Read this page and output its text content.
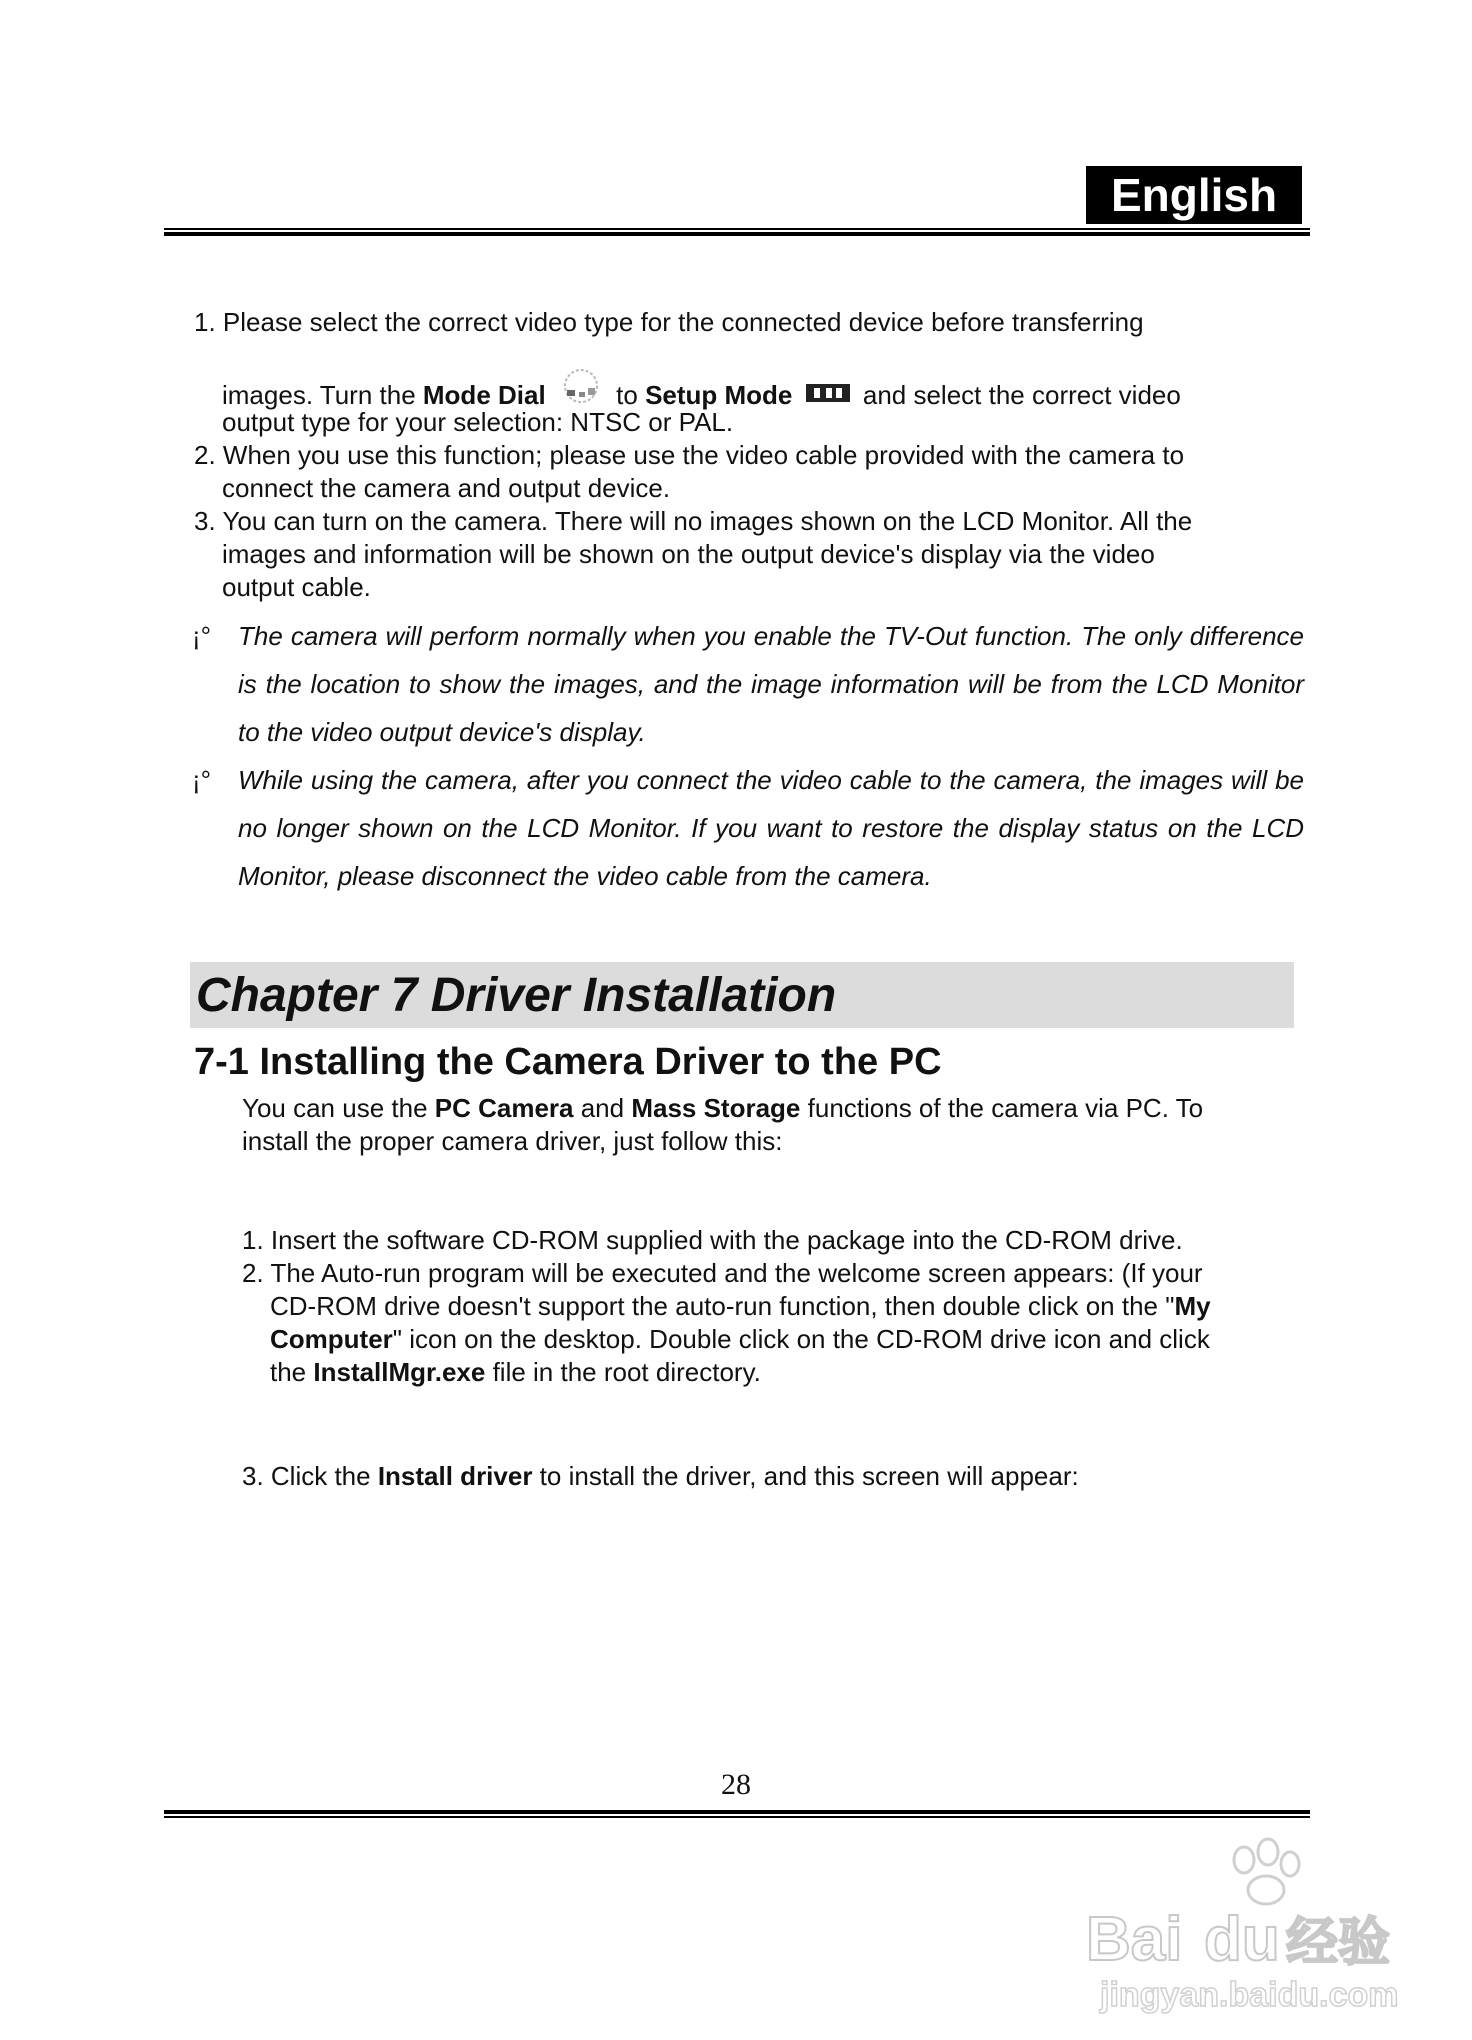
English
1. Please select the correct video type for the connected device before transferring
images. Turn the Mode Dial  to Setup Mode
and select the correct video
output type for your selection: NTSC or PAL.
2. When you use this function; please use the video cable provided with the camera to
connect the camera and output device.
3. You can turn on the camera. There will no images shown on the LCD Monitor. All the
images and information will be shown on the output device's display via the video
output cable.
¡° The camera will perform normally when you enable the TV-Out function. The only difference is the location to show the images, and the image information will be from the LCD Monitor to the video output device's display.
¡° While using the camera, after you connect the video cable to the camera, the images will be no longer shown on the LCD Monitor. If you want to restore the display status on the LCD Monitor, please disconnect the video cable from the camera.
Chapter 7 Driver Installation
7-1 Installing the Camera Driver to the PC
You can use the PC Camera and Mass Storage functions of the camera via PC. To
install the proper camera driver, just follow this:
1. Insert the software CD-ROM supplied with the package into the CD-ROM drive.
2. The Auto-run program will be executed and the welcome screen appears: (If your
CD-ROM drive doesn't support the auto-run function, then double click on the "My
Computer" icon on the desktop. Double click on the CD-ROM drive icon and click
the InstallMgr.exe file in the root directory.
3. Click the Install driver to install the driver, and this screen will appear:
28
Bai du 经验
jingyan.baidu.com
